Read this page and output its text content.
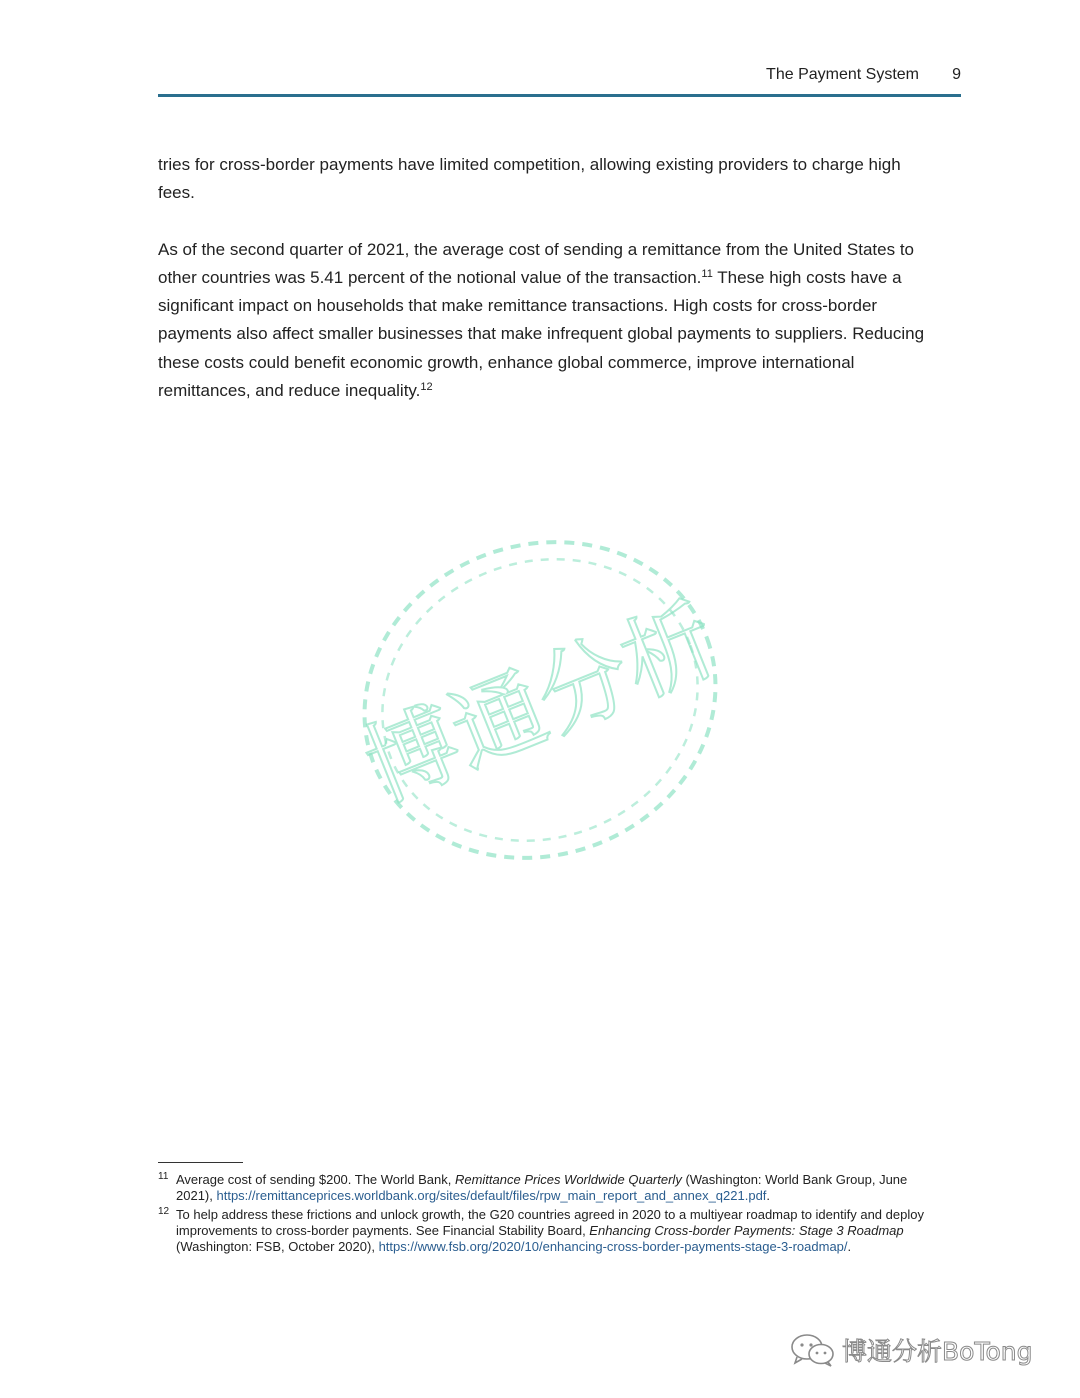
The Payment System 9

tries for cross-border payments have limited competition, allowing existing providers to charge high fees.

As of the second quarter of 2021, the average cost of sending a remittance from the United States to other countries was 5.41 percent of the notional value of the transaction.$^{11}$ These high costs have a significant impact on households that make remittance transactions. High costs for cross-border payments also affect smaller businesses that make infrequent global payments to suppliers. Reducing these costs could benefit economic growth, enhance global commerce, improve international remittances, and reduce inequality.$^{12}$

博通分析
11 Average cost of sending $200. The World Bank, Remittance Prices Worldwide Quarterly (Washington: World Bank Group, June 2021), https://remittanceprices.worldbank.org/sites/default/files/rpw_main_report_and_annex_q221.pdf.
12 To help address these frictions and unlock growth, the G20 countries agreed in 2020 to a multiyear roadmap to identify and deploy improvements to cross-border payments. See Financial Stability Board, Enhancing Cross-border Payments: Stage 3 Roadmap (Washington: FSB, October 2020), https://www.fsb.org/2020/10/enhancing-cross-border-payments-stage-3-roadmap/.
博通分析BoTong
